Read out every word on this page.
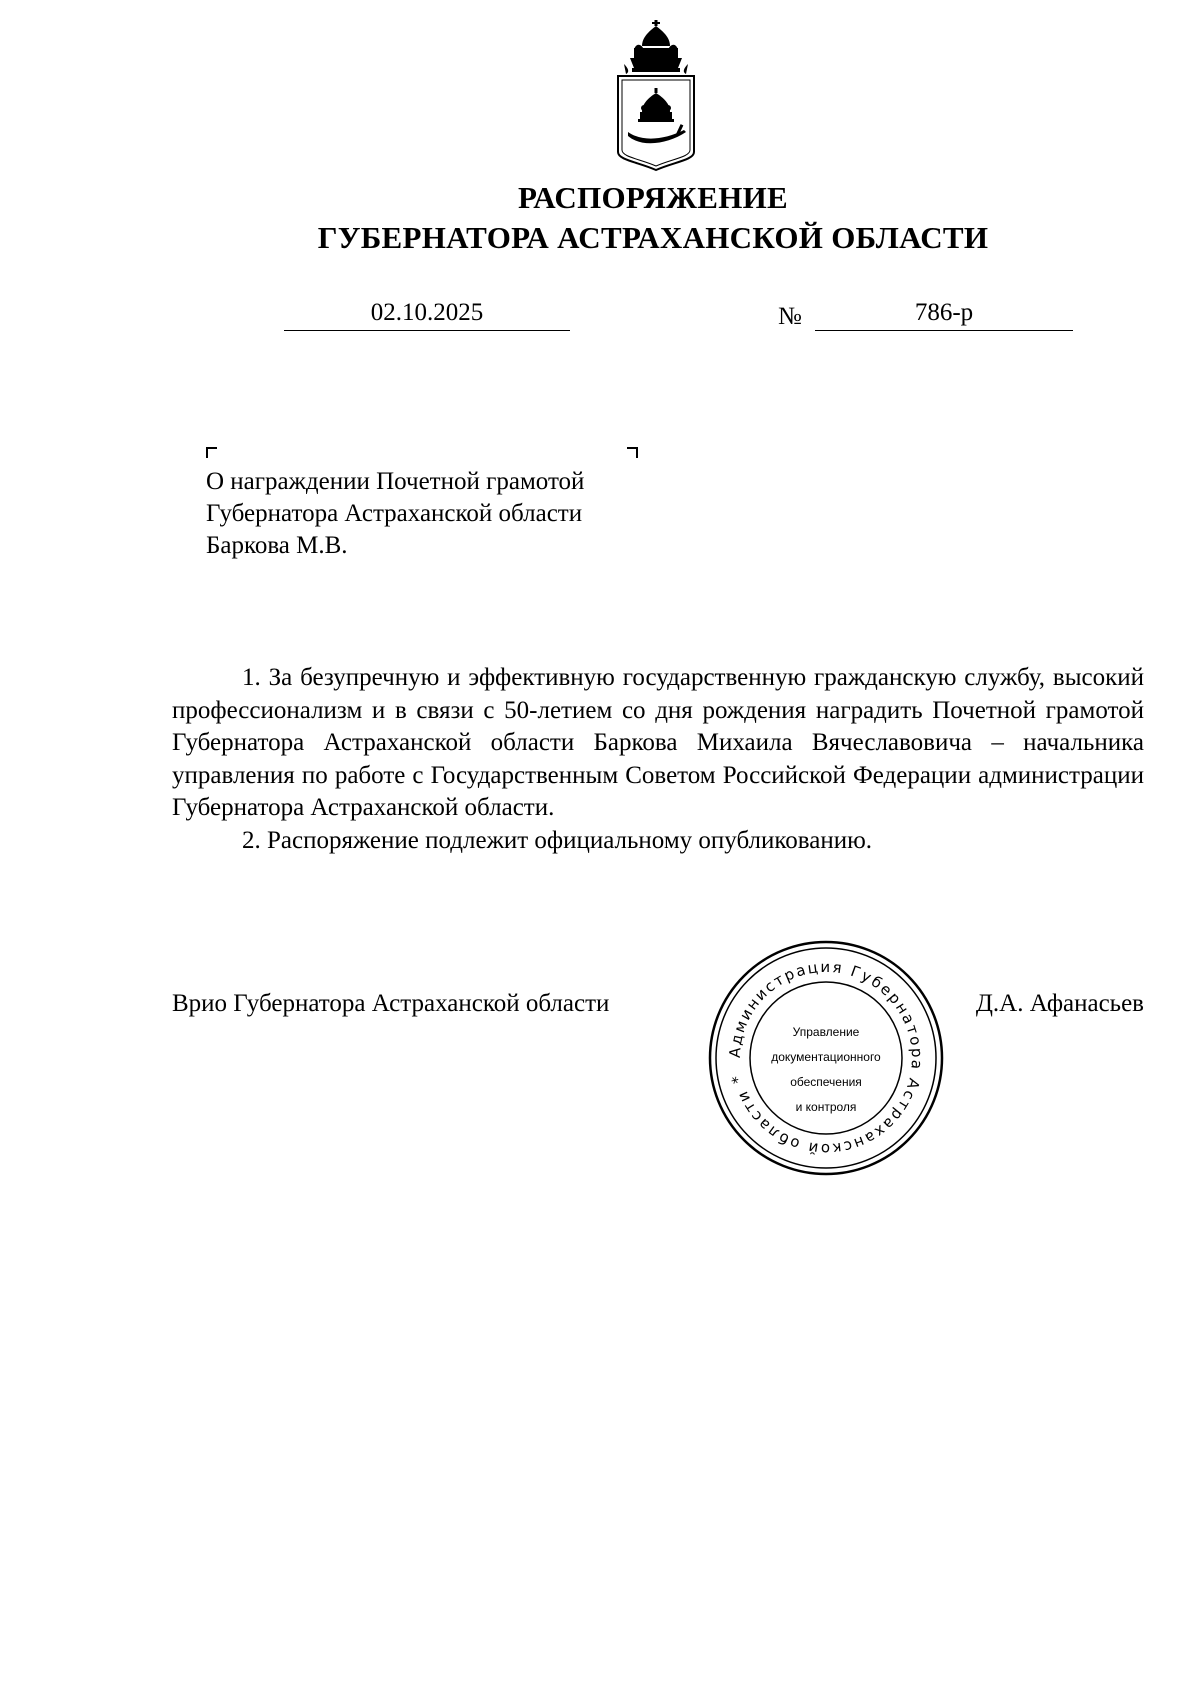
РАСПОРЯЖЕНИЕ
ГУБЕРНАТОРА АСТРАХАНСКОЙ ОБЛАСТИ
02.10.2025	№	786-р
О награждении Почетной грамотой
Губернатора Астраханской области
Баркова М.В.

1. За безупречную и эффективную государственную гражданскую службу, высокий профессионализм и в связи с 50-летием со дня рождения наградить Почетной грамотой Губернатора Астраханской области Баркова Михаила Вячеславовича – начальника управления по работе с Государственным Советом Российской Федерации администрации Губернатора Астраханской области.

2. Распоряжение подлежит официальному опубликованию.

Врио Губернатора Астраханской области	Д.А. Афанасьев
Администрация Губернатора Астраханской области *
Управление
документационного
обеспечения
и контроля
